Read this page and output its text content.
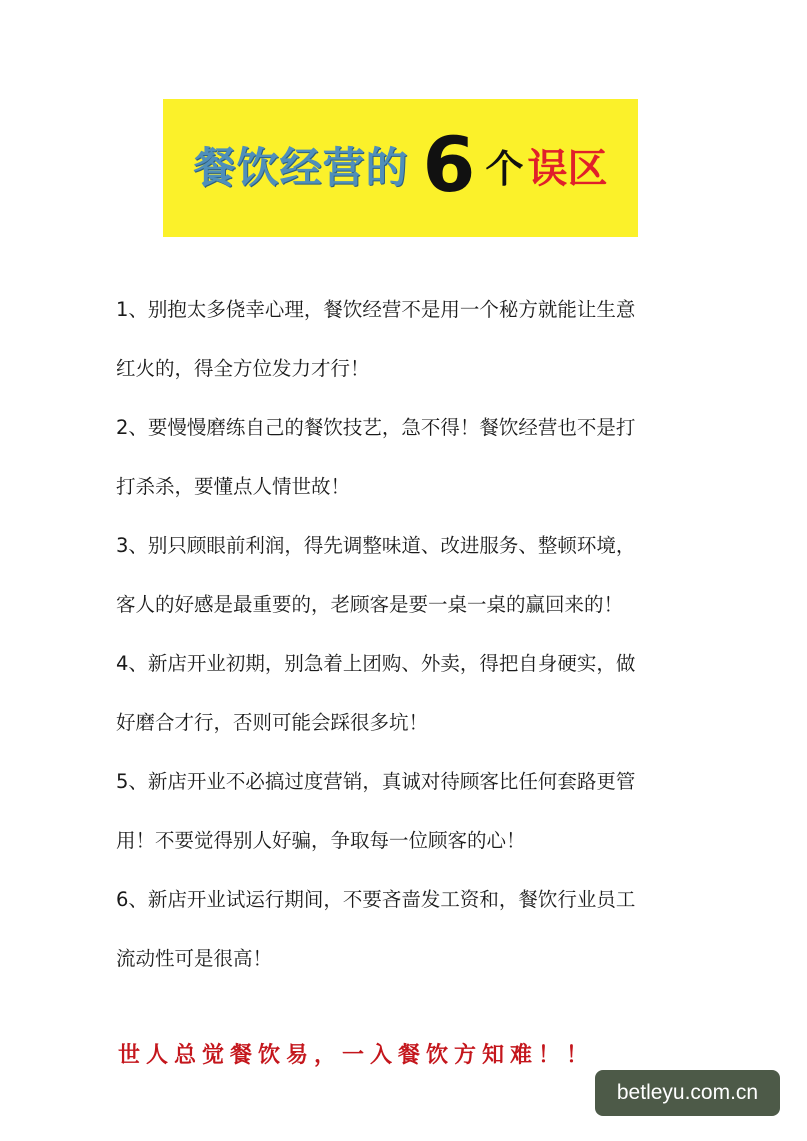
餐饮经营的 6 个 误区
1、别抱太多侥幸心理，餐饮经营不是用一个秘方就能让生意
红火的，得全方位发力才行！
2、要慢慢磨练自己的餐饮技艺，急不得！餐饮经营也不是打
打杀杀，要懂点人情世故！
3、别只顾眼前利润，得先调整味道、改进服务、整顿环境，
客人的好感是最重要的，老顾客是要一桌一桌的赢回来的！
4、新店开业初期，别急着上团购、外卖，得把自身硬实，做
好磨合才行，否则可能会踩很多坑！
5、新店开业不必搞过度营销，真诚对待顾客比任何套路更管
用！不要觉得别人好骗，争取每一位顾客的心！
6、新店开业试运行期间，不要吝啬发工资和，餐饮行业员工
流动性可是很高！
世人总觉餐饮易，一入餐饮方知难！！
betleyu.com.cn
